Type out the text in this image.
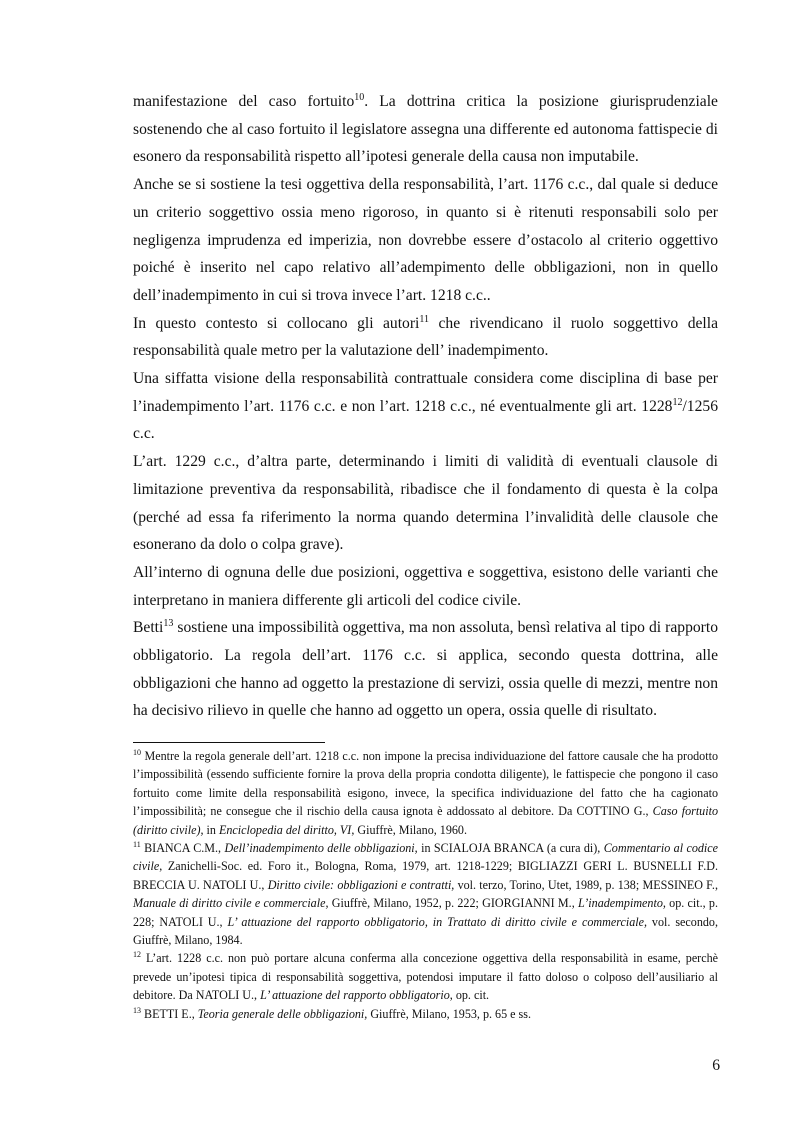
manifestazione del caso fortuito$^{10}$. La dottrina critica la posizione giurisprudenziale sostenendo che al caso fortuito il legislatore assegna una differente ed autonoma fattispecie di esonero da responsabilità rispetto all’ipotesi generale della causa non imputabile.

Anche se si sostiene la tesi oggettiva della responsabilità, l’art. 1176 c.c., dal quale si deduce un criterio soggettivo ossia meno rigoroso, in quanto si è ritenuti responsabili solo per negligenza imprudenza ed imperizia, non dovrebbe essere d’ostacolo al criterio oggettivo poiché è inserito nel capo relativo all’adempimento delle obbligazioni, non in quello dell’inadempimento in cui si trova invece l’art. 1218 c.c..

In questo contesto si collocano gli autori$^{11}$ che rivendicano il ruolo soggettivo della responsabilità quale metro per la valutazione dell’ inadempimento.

Una siffatta visione della responsabilità contrattuale considera come disciplina di base per l’inadempimento l’art. 1176 c.c. e non l’art. 1218 c.c., né eventualmente gli art. 1228$^{12}$/1256 c.c.

L’art. 1229 c.c., d’altra parte, determinando i limiti di validità di eventuali clausole di limitazione preventiva da responsabilità, ribadisce che il fondamento di questa è la colpa (perché ad essa fa riferimento la norma quando determina l’invalidità delle clausole che esonerano da dolo o colpa grave).

All’interno di ognuna delle due posizioni, oggettiva e soggettiva, esistono delle varianti che interpretano in maniera differente gli articoli del codice civile.

Betti$^{13}$ sostiene una impossibilità oggettiva, ma non assoluta, bensì relativa al tipo di rapporto obbligatorio. La regola dell’art. 1176 c.c. si applica, secondo questa dottrina, alle obbligazioni che hanno ad oggetto la prestazione di servizi, ossia quelle di mezzi, mentre non ha decisivo rilievo in quelle che hanno ad oggetto un opera, ossia quelle di risultato.

$^{10}$ Mentre la regola generale dell’art. 1218 c.c. non impone la precisa individuazione del fattore causale che ha prodotto l’impossibilità (essendo sufficiente fornire la prova della propria condotta diligente), le fattispecie che pongono il caso fortuito come limite della responsabilità esigono, invece, la specifica individuazione del fatto che ha cagionato l’impossibilità; ne consegue che il rischio della causa ignota è addossato al debitore. Da COTTINO G., Caso fortuito (diritto civile), in Enciclopedia del diritto, VI, Giuffrè, Milano, 1960.

$^{11}$ BIANCA C.M., Dell’inadempimento delle obbligazioni, in SCIALOJA BRANCA (a cura di), Commentario al codice civile, Zanichelli-Soc. ed. Foro it., Bologna, Roma, 1979, art. 1218-1229; BIGLIAZZI GERI L. BUSNELLI F.D. BRECCIA U. NATOLI U., Diritto civile: obbligazioni e contratti, vol. terzo, Torino, Utet, 1989, p. 138; MESSINEO F., Manuale di diritto civile e commerciale, Giuffrè, Milano, 1952, p. 222; GIORGIANNI M., L’inadempimento, op. cit., p. 228; NATOLI U., L’ attuazione del rapporto obbligatorio, in Trattato di diritto civile e commerciale, vol. secondo, Giuffrè, Milano, 1984.

$^{12}$ L’art. 1228 c.c. non può portare alcuna conferma alla concezione oggettiva della responsabilità in esame, perchè prevede un’ipotesi tipica di responsabilità soggettiva, potendosi imputare il fatto doloso o colposo dell’ausiliario al debitore. Da NATOLI U., L’ attuazione del rapporto obbligatorio, op. cit.

$^{13}$ BETTI E., Teoria generale delle obbligazioni, Giuffrè, Milano, 1953, p. 65 e ss.

6
